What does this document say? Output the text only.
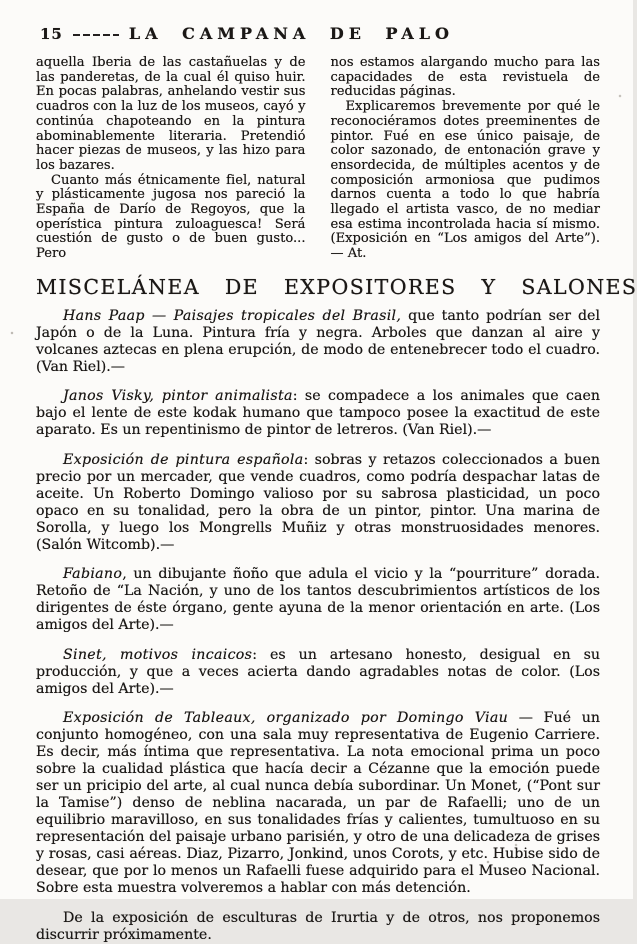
15	LA CAMPANA DE PALO

aquella Iberia de las castañuelas y de las panderetas, de la cual él quiso huir. En pocas palabras, anhelando vestir sus cuadros con la luz de los museos, cayó y continúa chapoteando en la pintura abominablemente literaria. Pretendió hacer piezas de museos, y las hizo para los bazares.

Cuanto más étnicamente fiel, natural y plásticamente jugosa nos pareció la España de Darío de Regoyos, que la operística pintura zuloaguesca! Será cuestión de gusto o de buen gusto... Pero

nos estamos alargando mucho para las capacidades de esta revistuela de reducidas páginas.

Explicaremos brevemente por qué le reconociéramos dotes preeminentes de pintor. Fué en ese único paisaje, de color sazonado, de entonación grave y ensordecida, de múltiples acentos y de composición armoniosa que pudimos darnos cuenta a todo lo que habría llegado el artista vasco, de no mediar esa estima incontrolada hacia sí mismo. (Exposición en “Los amigos del Arte”). — At.

MISCELÁNEA DE EXPOSITORES Y SALONES

Hans Paap — Paisajes tropicales del Brasil, que tanto podrían ser del Japón o de la Luna. Pintura fría y negra. Arboles que danzan al aire y volcanes aztecas en plena erupción, de modo de entenebrecer todo el cuadro. (Van Riel).—

Janos Visky, pintor animalista: se compadece a los animales que caen bajo el lente de este kodak humano que tampoco posee la exactitud de este aparato. Es un repentinismo de pintor de letreros. (Van Riel).—

Exposición de pintura española: sobras y retazos coleccionados a buen precio por un mercader, que vende cuadros, como podría despachar latas de aceite. Un Roberto Domingo valioso por su sabrosa plasticidad, un poco opaco en su tonalidad, pero la obra de un pintor, pintor. Una marina de Sorolla, y luego los Mongrells Muñiz y otras monstruosidades menores. (Salón Witcomb).—

Fabiano, un dibujante ñoño que adula el vicio y la “pourriture” dorada. Retoño de “La Nación, y uno de los tantos descubrimientos artísticos de los dirigentes de éste órgano, gente ayuna de la menor orientación en arte. (Los amigos del Arte).—

Sinet, motivos incaicos: es un artesano honesto, desigual en su producción, y que a veces acierta dando agradables notas de color. (Los amigos del Arte).—

Exposición de Tableaux, organizado por Domingo Viau — Fué un conjunto homogéneo, con una sala muy representativa de Eugenio Carriere. Es decir, más íntima que representativa. La nota emocional prima un poco sobre la cualidad plástica que hacía decir a Cézanne que la emoción puede ser un pricipio del arte, al cual nunca debía subordinar. Un Monet, (“Pont sur la Tamise”) denso de neblina nacarada, un par de Rafaelli; uno de un equilibrio maravilloso, en sus tonalidades frías y calientes, tumultuoso en su representación del paisaje urbano parisién, y otro de una delicadeza de grises y rosas, casi aéreas. Diaz, Pizarro, Jonkind, unos Corots, y etc. Hubise sido de desear, que por lo menos un Rafaelli fuese adquirido para el Museo Nacional. Sobre esta muestra volveremos a hablar con más detención.

De la exposición de esculturas de Irurtia y de otros, nos proponemos discurrir próximamente.
